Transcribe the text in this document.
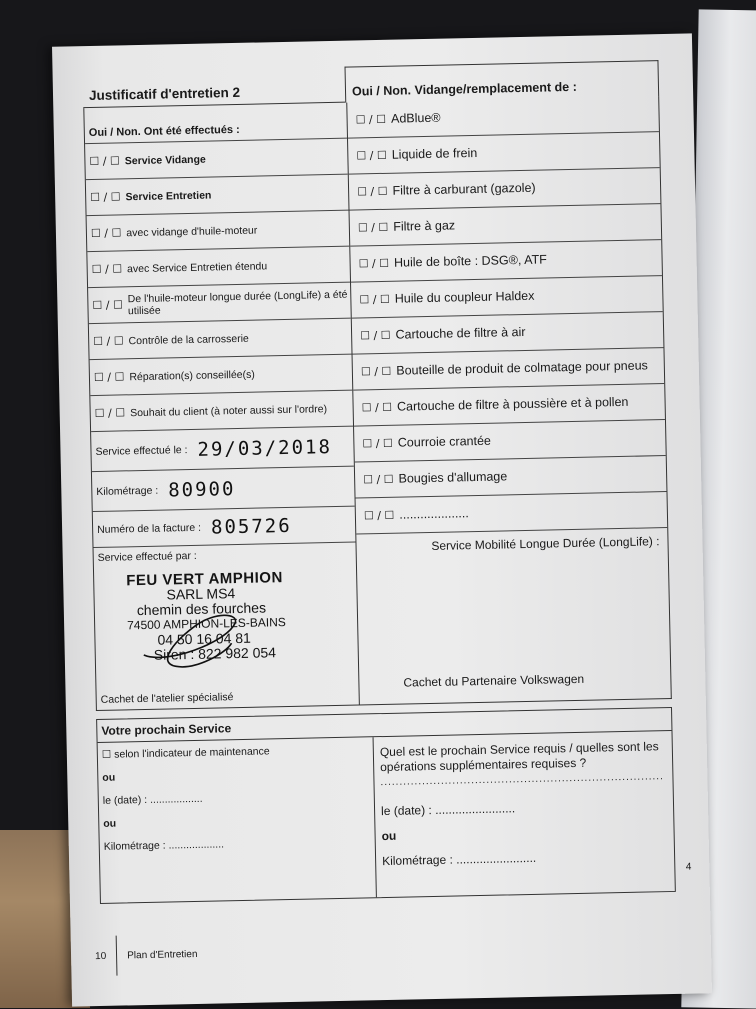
Justificatif d'entretien 2	Oui / Non. Vidange/remplacement de :
Oui / Non. Ont été effectués :
☐ / ☐ Service Vidange
☐ / ☐ Service Entretien
☐ / ☐ avec vidange d'huile-moteur
☐ / ☐ avec Service Entretien étendu
☐ / ☐
De l'huile-moteur longue durée (LongLife) a été utilisée
☐ / ☐ Contrôle de la carrosserie
☐ / ☐ Réparation(s) conseillée(s)
☐ / ☐ Souhait du client (à noter aussi sur l'ordre)
Service effectué le : 29/03/2018
Kilométrage : 80900
Numéro de la facture : 805726
Service effectué par :
FEU VERT AMPHION
SARL MS4
chemin des fourches
74500 AMPHION-LES-BAINS
04 50 16 04 81
Siren : 822 982 054
Cachet de l'atelier spécialisé
☐ / ☐ AdBlue®
☐ / ☐ Liquide de frein
☐ / ☐ Filtre à carburant (gazole)
☐ / ☐ Filtre à gaz
☐ / ☐ Huile de boîte : DSG®, ATF
☐ / ☐ Huile du coupleur Haldex
☐ / ☐ Cartouche de filtre à air
☐ / ☐ Bouteille de produit de colmatage pour pneus
☐ / ☐ Cartouche de filtre à poussière et à pollen
☐ / ☐ Courroie crantée
☐ / ☐ Bougies d'allumage
☐ / ☐ ....................
Service Mobilité Longue Durée (LongLife) :
Cachet du Partenaire Volkswagen
Votre prochain Service
☐ selon l'indicateur de maintenance
ou
le (date) : ..................
ou
Kilométrage : ...................
Quel est le prochain Service requis / quelles sont les opérations supplémentaires requises ?
...........................................................................
le (date) : ........................
ou
Kilométrage : ........................	4
10 Plan d'Entretien
